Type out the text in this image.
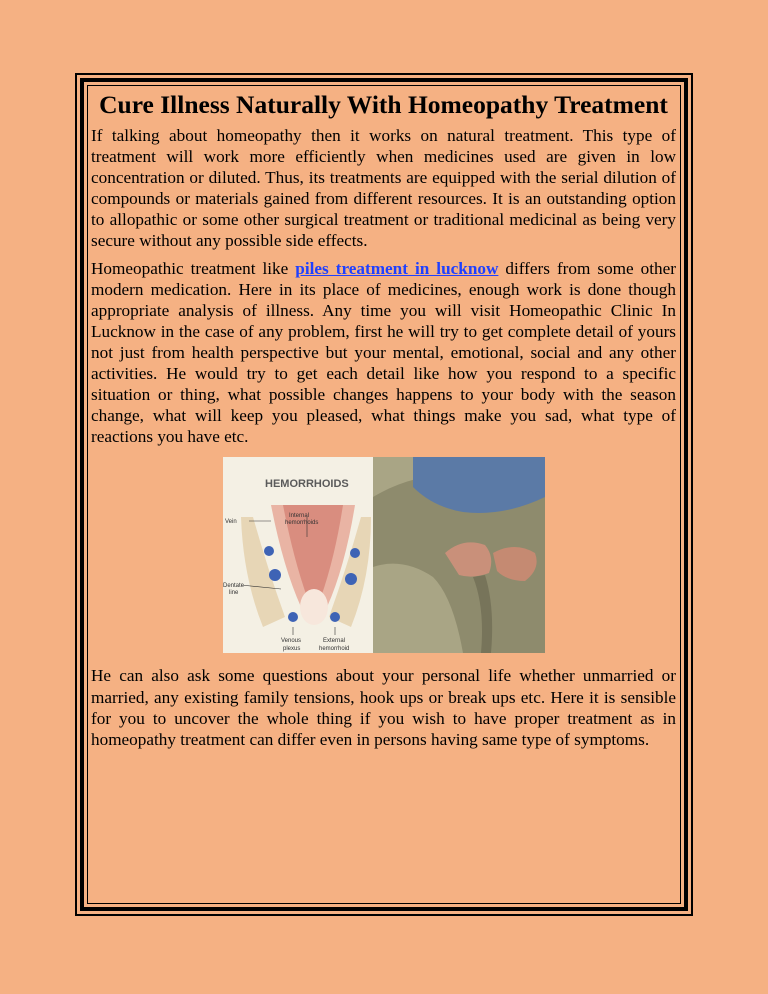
Cure Illness Naturally With Homeopathy Treatment

If talking about homeopathy then it works on natural treatment. This type of treatment will work more efficiently when medicines used are given in low concentration or diluted. Thus, its treatments are equipped with the serial dilution of compounds or materials gained from different resources. It is an outstanding option to allopathic or some other surgical treatment or traditional medicinal as being very secure without any possible side effects.

Homeopathic treatment like piles treatment in lucknow differs from some other modern medication. Here in its place of medicines, enough work is done though appropriate analysis of illness. Any time you will visit Homeopathic Clinic In Lucknow in the case of any problem, first he will try to get complete detail of yours not just from health perspective but your mental, emotional, social and any other activities. He would try to get each detail like how you respond to a specific situation or thing, what possible changes happens to your body with the season change, what will keep you pleased, what things make you sad, what type of reactions you have etc.

HEMORRHOIDS
Vein
Internal
hemorrhoids
Dentate
line
Venous
plexus
External
hemorrhoid

He can also ask some questions about your personal life whether unmarried or married, any existing family tensions, hook ups or break ups etc. Here it is sensible for you to uncover the whole thing if you wish to have proper treatment as in homeopathy treatment can differ even in persons having same type of symptoms.
